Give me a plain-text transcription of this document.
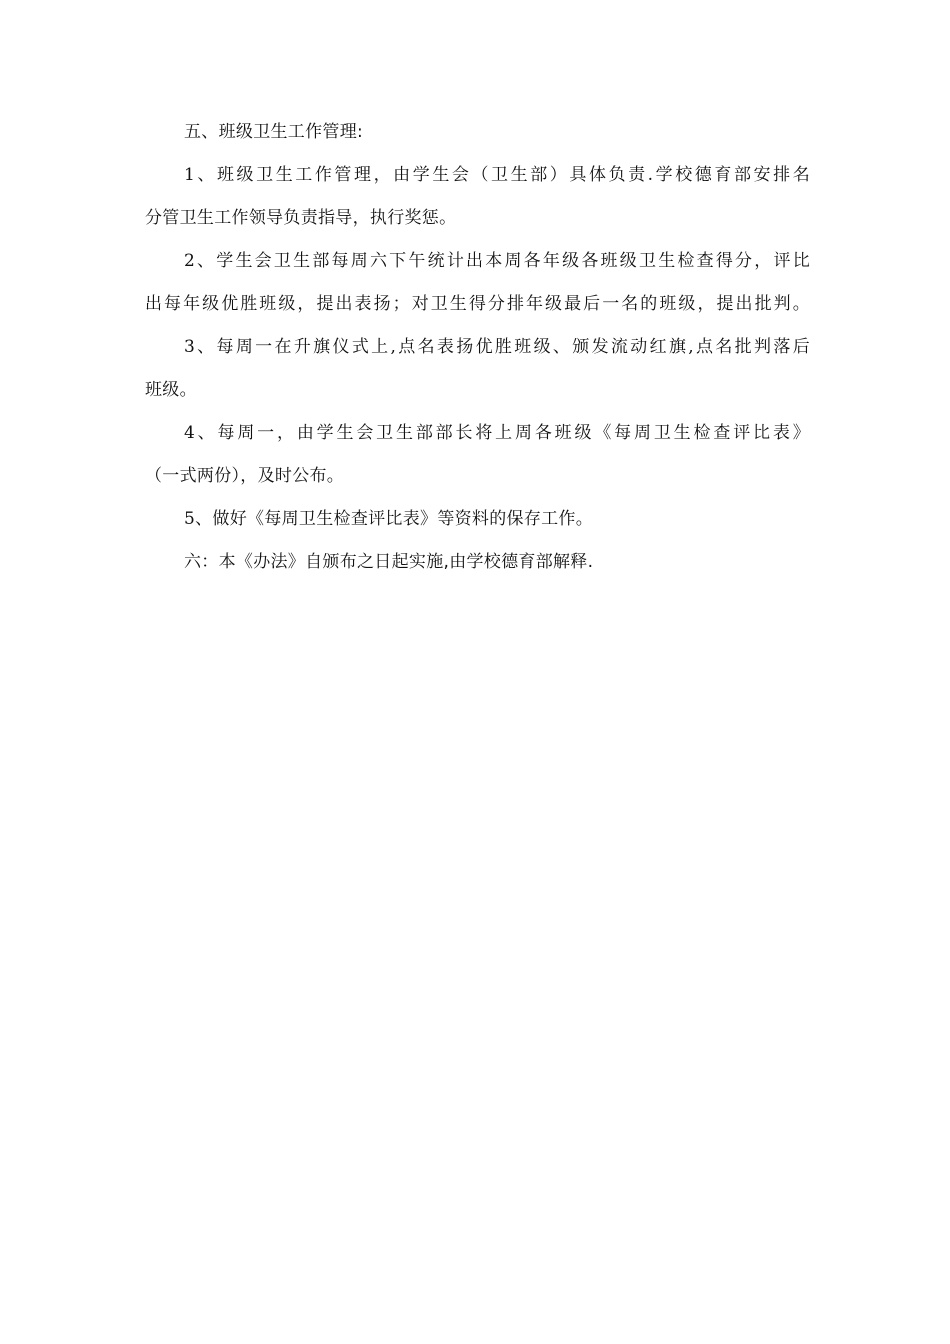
五、班级卫生工作管理:
1、班级卫生工作管理，由学生会（卫生部）具体负责.学校德育部安排名
分管卫生工作领导负责指导，执行奖惩。
2、学生会卫生部每周六下午统计出本周各年级各班级卫生检查得分，评比
出每年级优胜班级，提出表扬；对卫生得分排年级最后一名的班级，提出批判。
3、每周一在升旗仪式上,点名表扬优胜班级、颁发流动红旗,点名批判落后
班级。
4、每周一，由学生会卫生部部长将上周各班级《每周卫生检查评比表》
（一式两份），及时公布。
5、做好《每周卫生检查评比表》等资料的保存工作。
六：本《办法》自颁布之日起实施,由学校德育部解释.
